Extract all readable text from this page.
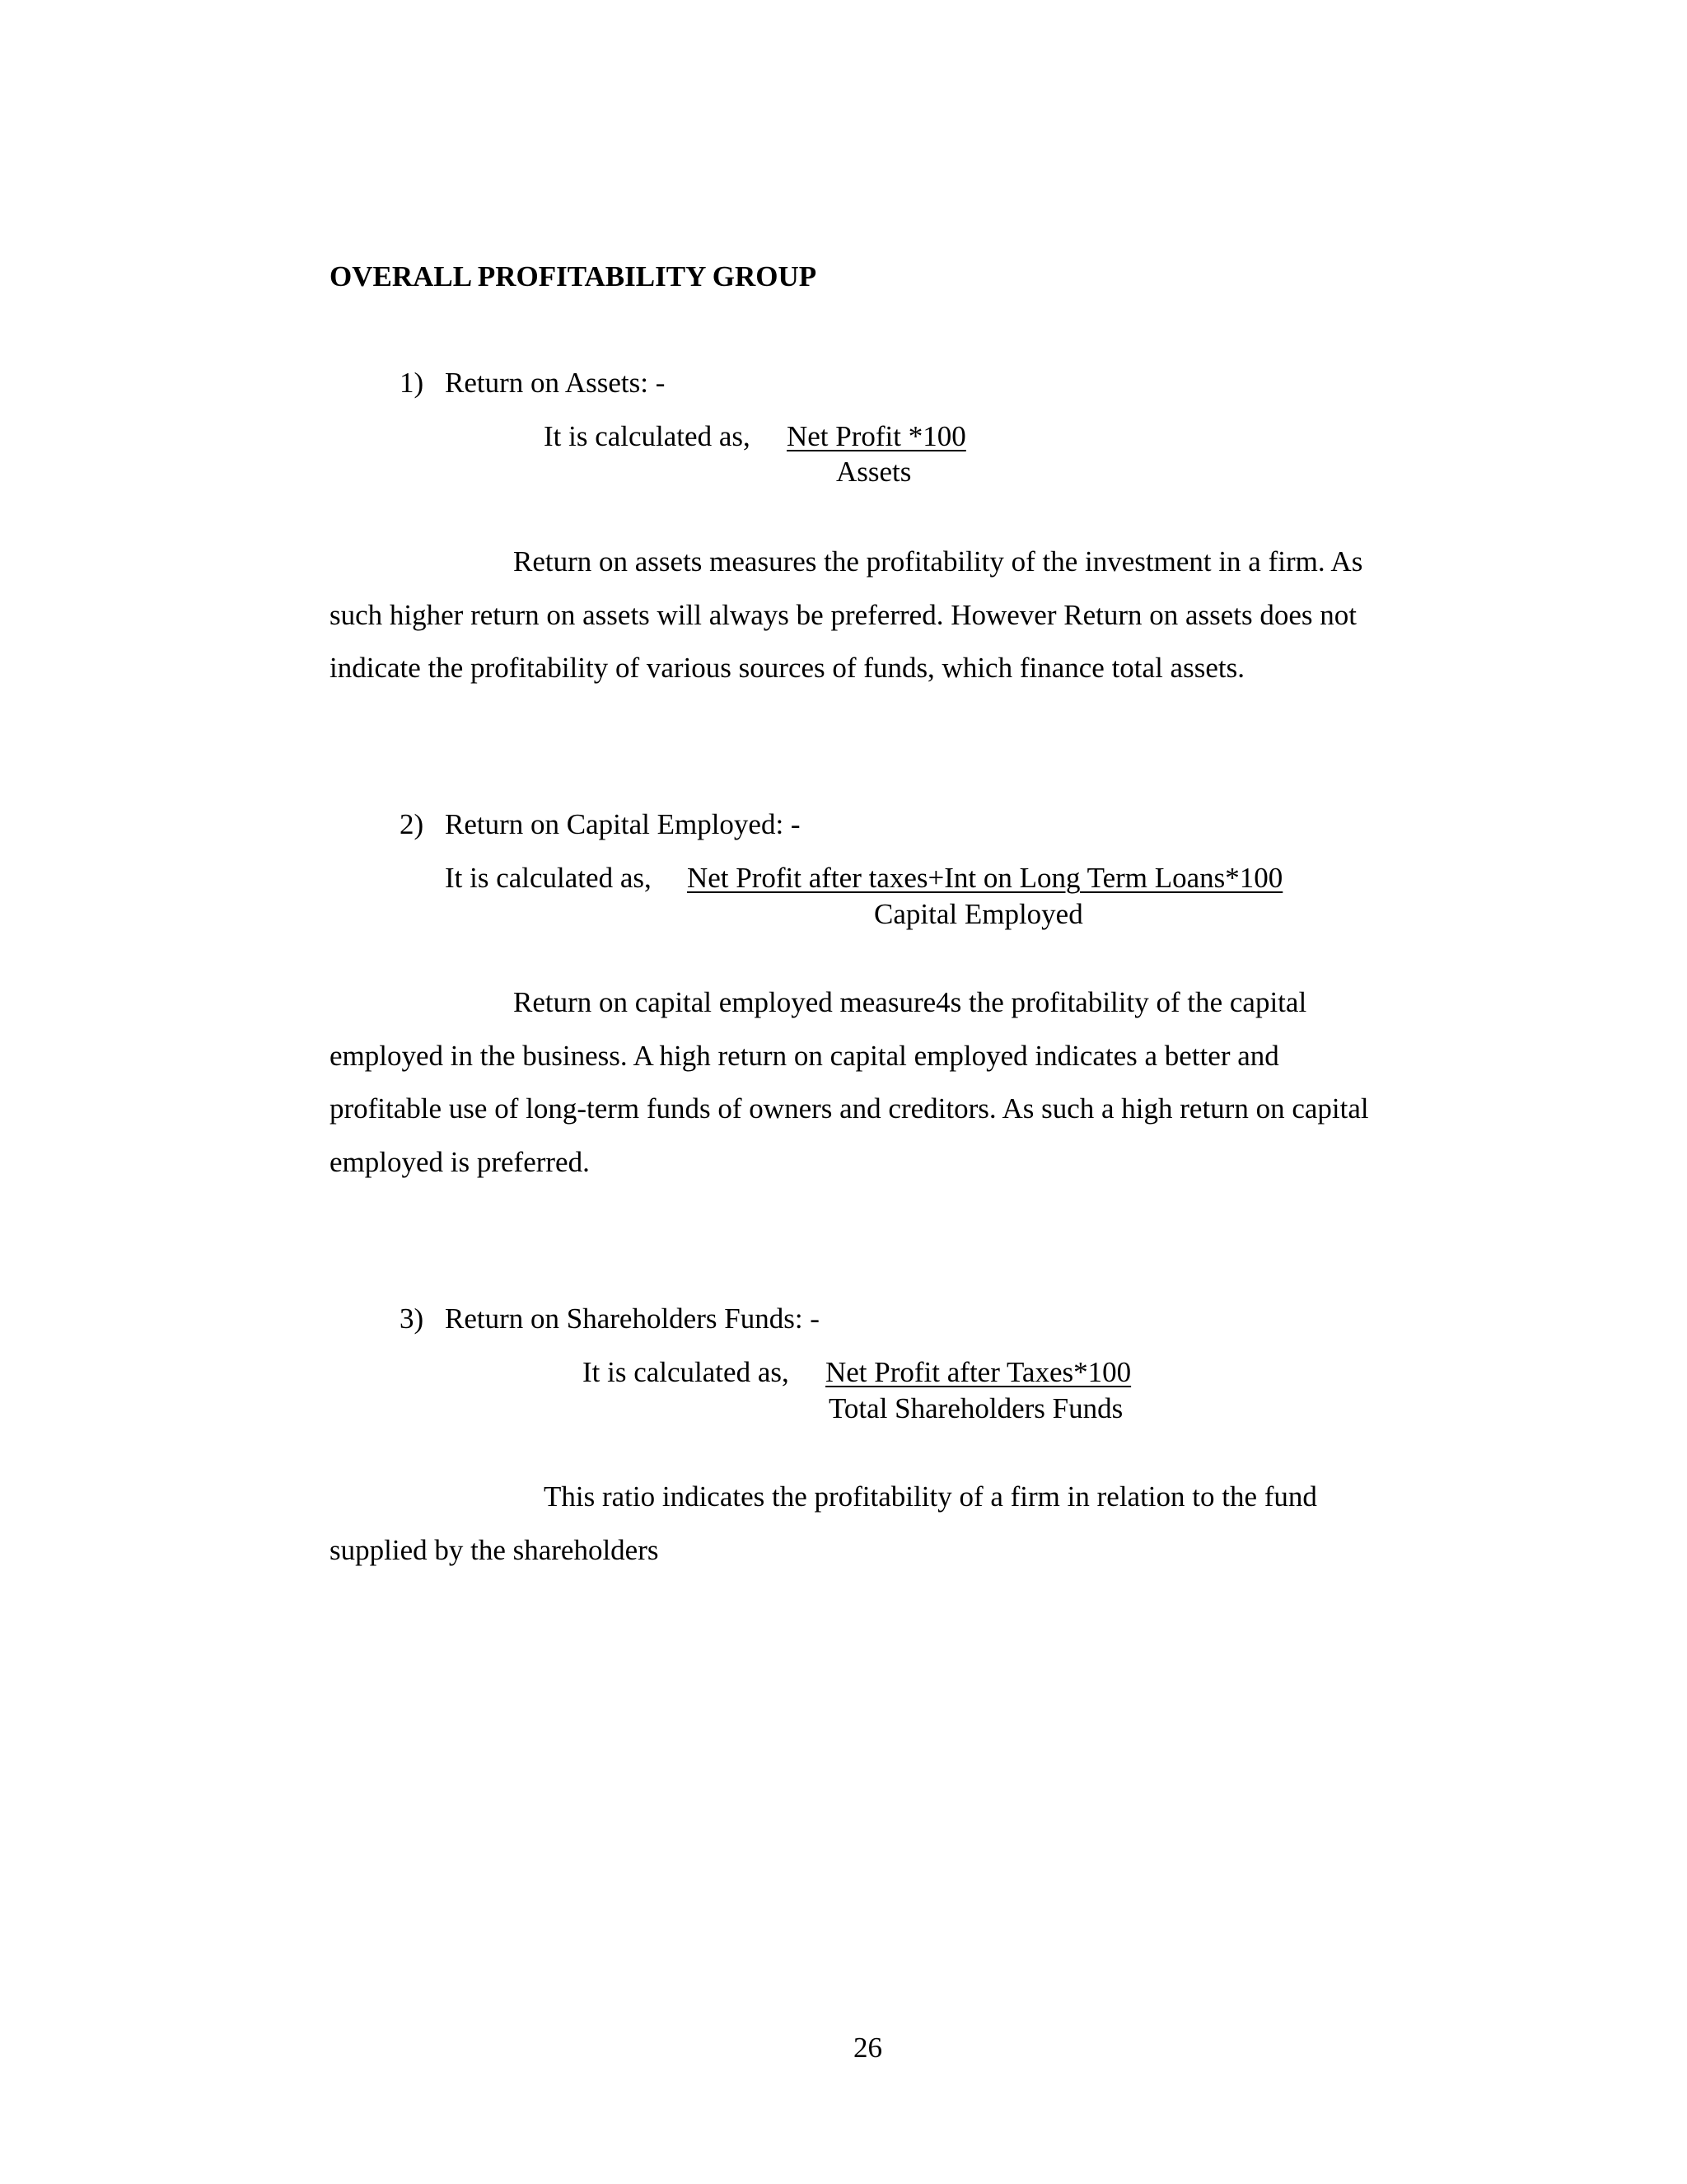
OVERALL PROFITABILITY GROUP
1) Return on Assets: -
It is calculated as, Net Profit *100
Assets
Return on assets measures the profitability of the investment in a firm. As such higher return on assets will always be preferred. However Return on assets does not indicate the profitability of various sources of funds, which finance total assets.
2) Return on Capital Employed: -
It is calculated as, Net Profit after taxes+Int on Long Term Loans*100
Capital Employed
Return on capital employed measure4s the profitability of the capital employed in the business. A high return on capital employed indicates a better and profitable use of long-term funds of owners and creditors. As such a high return on capital employed is preferred.
3) Return on Shareholders Funds: -
It is calculated as, Net Profit after Taxes*100
Total Shareholders Funds
This ratio indicates the profitability of a firm in relation to the fund supplied by the shareholders
26
